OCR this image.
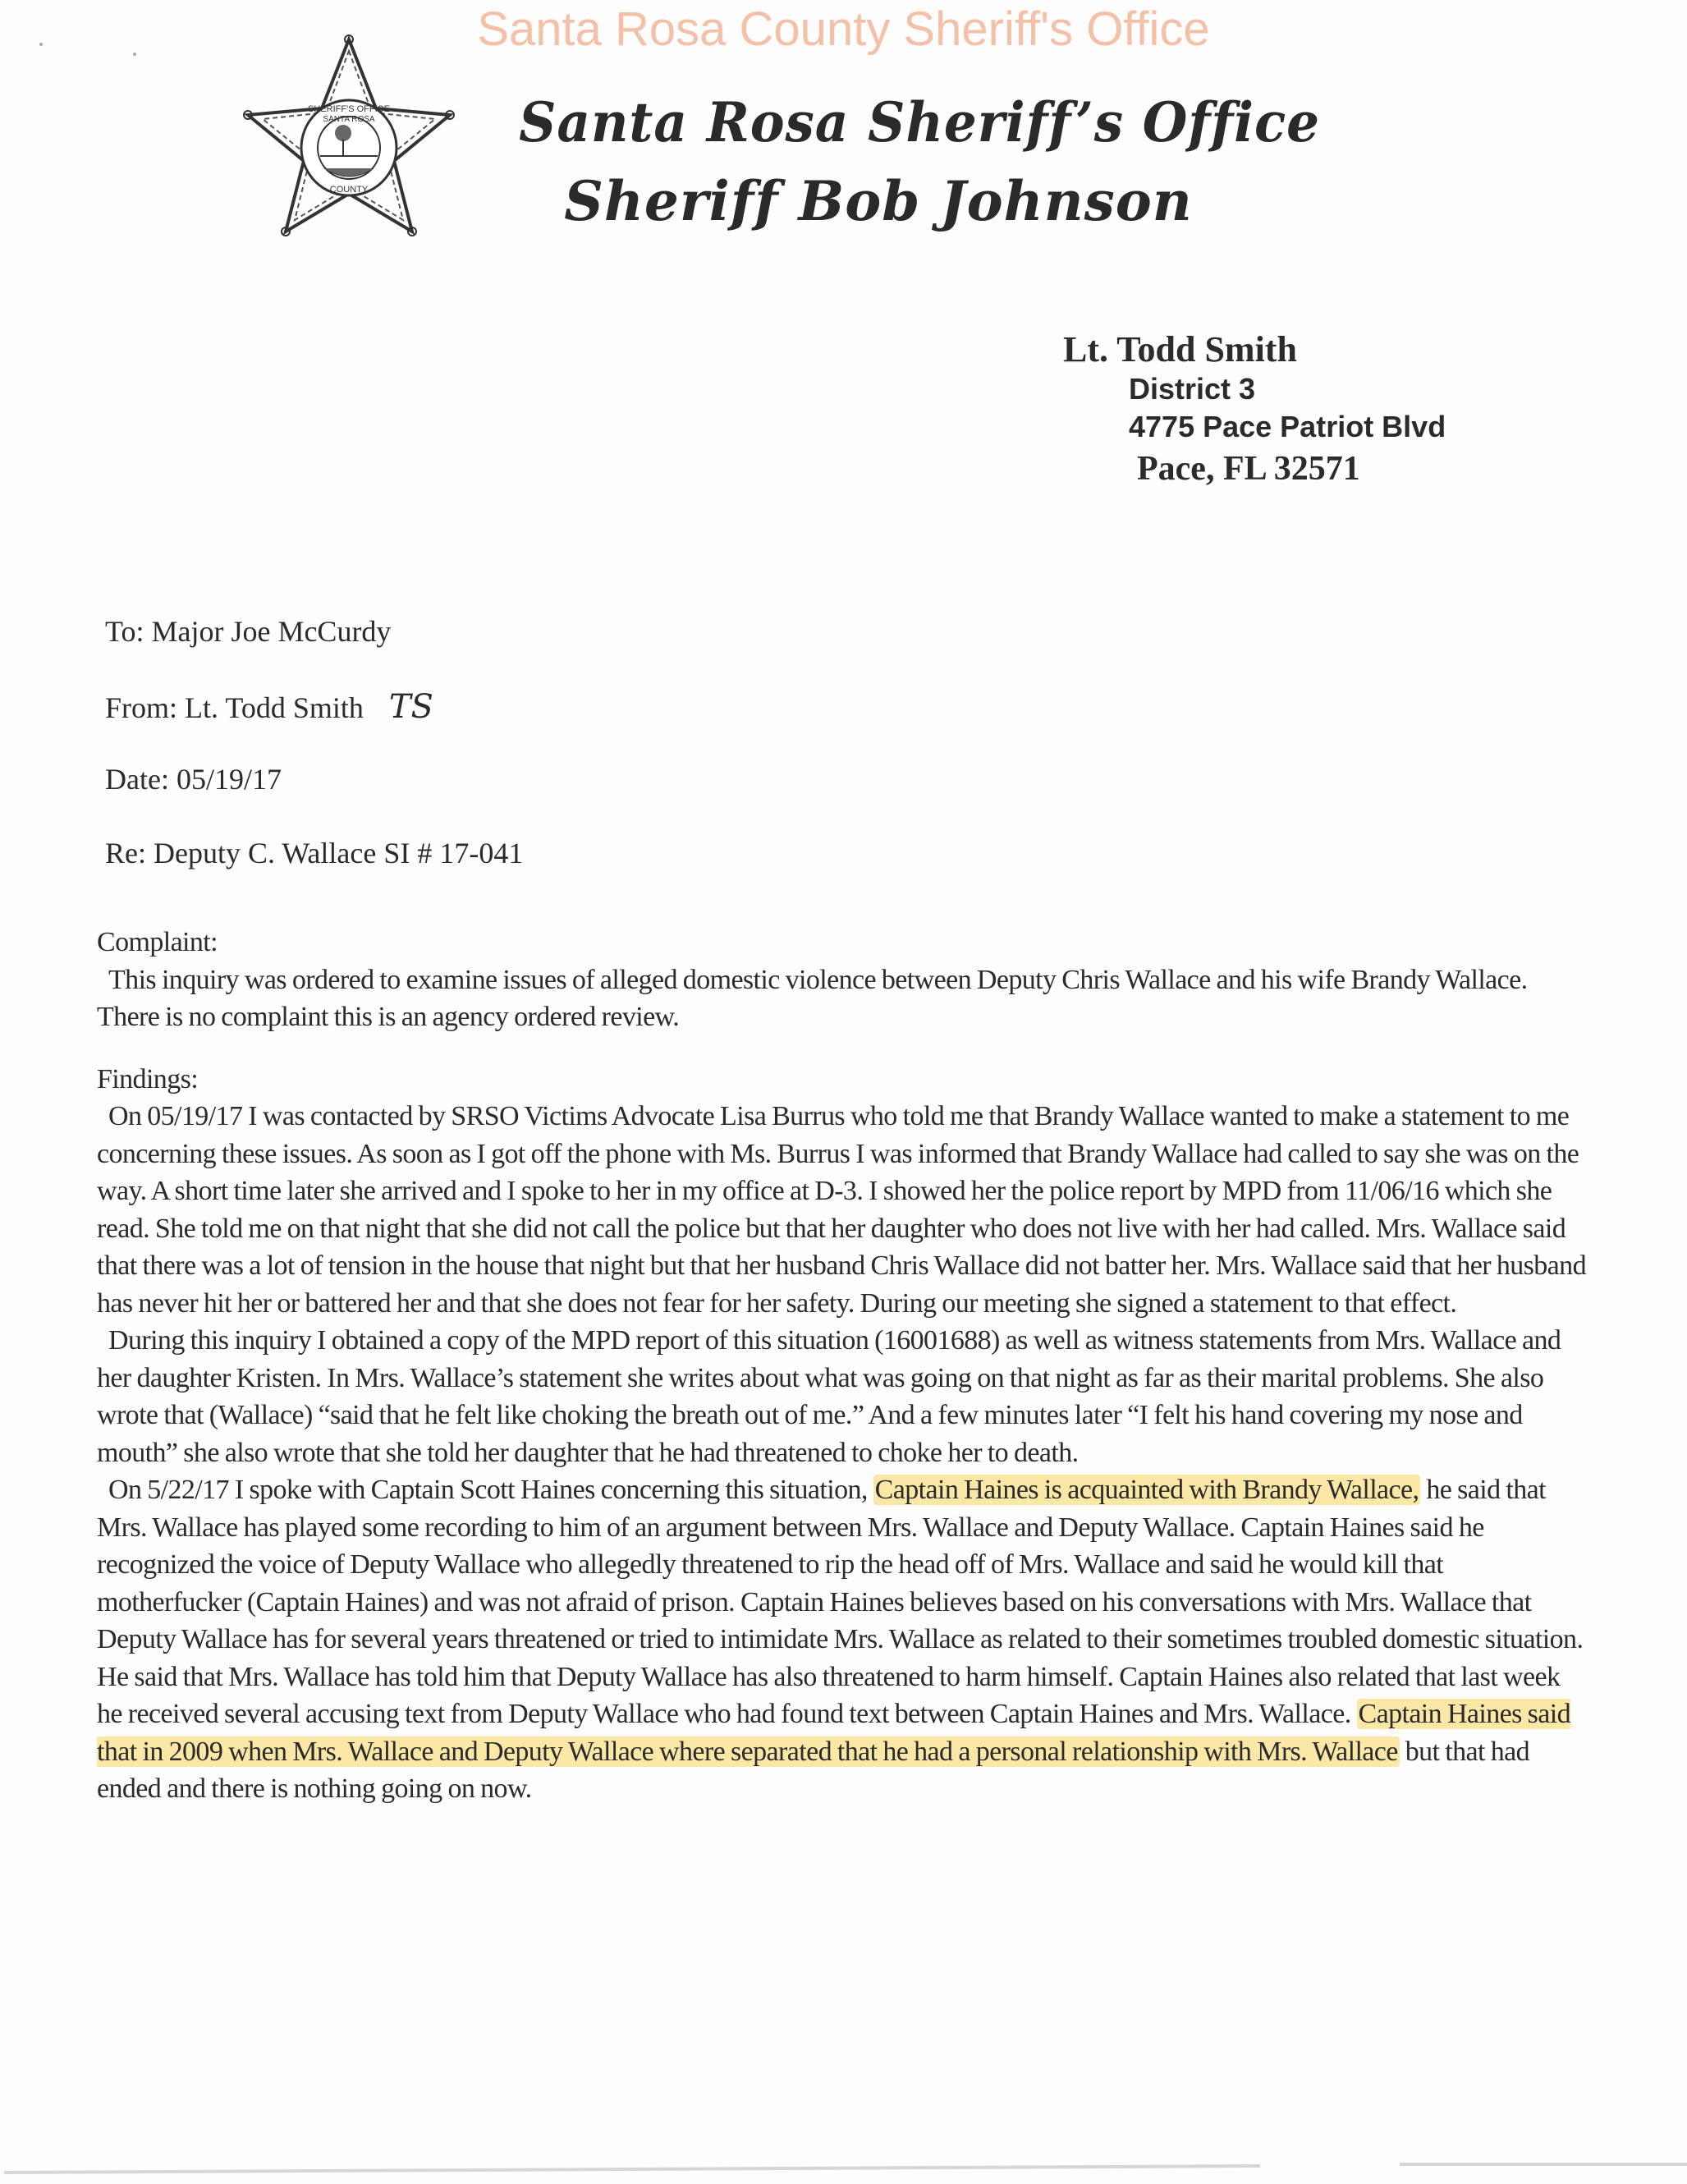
Santa Rosa County Sheriff's Office
SHERIFF'S OFFICE
SANTA ROSA
COUNTY
Santa Rosa Sheriff’s Office
Sheriff Bob Johnson
Lt. Todd Smith
District 3
4775 Pace Patriot Blvd
Pace, FL 32571
To: Major Joe McCurdy
From: Lt. Todd Smith TS
Date: 05/19/17
Re: Deputy C. Wallace SI # 17-041
Complaint:

This inquiry was ordered to examine issues of alleged domestic violence between Deputy Chris Wallace and his wife Brandy Wallace. There is no complaint this is an agency ordered review.

Findings:

On 05/19/17 I was contacted by SRSO Victims Advocate Lisa Burrus who told me that Brandy Wallace wanted to make a statement to me concerning these issues. As soon as I got off the phone with Ms. Burrus I was informed that Brandy Wallace had called to say she was on the way. A short time later she arrived and I spoke to her in my office at D-3. I showed her the police report by MPD from 11/06/16 which she read. She told me on that night that she did not call the police but that her daughter who does not live with her had called. Mrs. Wallace said that there was a lot of tension in the house that night but that her husband Chris Wallace did not batter her. Mrs. Wallace said that her husband has never hit her or battered her and that she does not fear for her safety. During our meeting she signed a statement to that effect.

During this inquiry I obtained a copy of the MPD report of this situation (16001688) as well as witness statements from Mrs. Wallace and her daughter Kristen. In Mrs. Wallace’s statement she writes about what was going on that night as far as their marital problems. She also wrote that (Wallace) “said that he felt like choking the breath out of me.” And a few minutes later “I felt his hand covering my nose and mouth” she also wrote that she told her daughter that he had threatened to choke her to death.

On 5/22/17 I spoke with Captain Scott Haines concerning this situation, Captain Haines is acquainted with Brandy Wallace, he said that Mrs. Wallace has played some recording to him of an argument between Mrs. Wallace and Deputy Wallace. Captain Haines said he recognized the voice of Deputy Wallace who allegedly threatened to rip the head off of Mrs. Wallace and said he would kill that motherfucker (Captain Haines) and was not afraid of prison. Captain Haines believes based on his conversations with Mrs. Wallace that Deputy Wallace has for several years threatened or tried to intimidate Mrs. Wallace as related to their sometimes troubled domestic situation. He said that Mrs. Wallace has told him that Deputy Wallace has also threatened to harm himself. Captain Haines also related that last week he received several accusing text from Deputy Wallace who had found text between Captain Haines and Mrs. Wallace. Captain Haines said that in 2009 when Mrs. Wallace and Deputy Wallace where separated that he had a personal relationship with Mrs. Wallace but that had ended and there is nothing going on now.
